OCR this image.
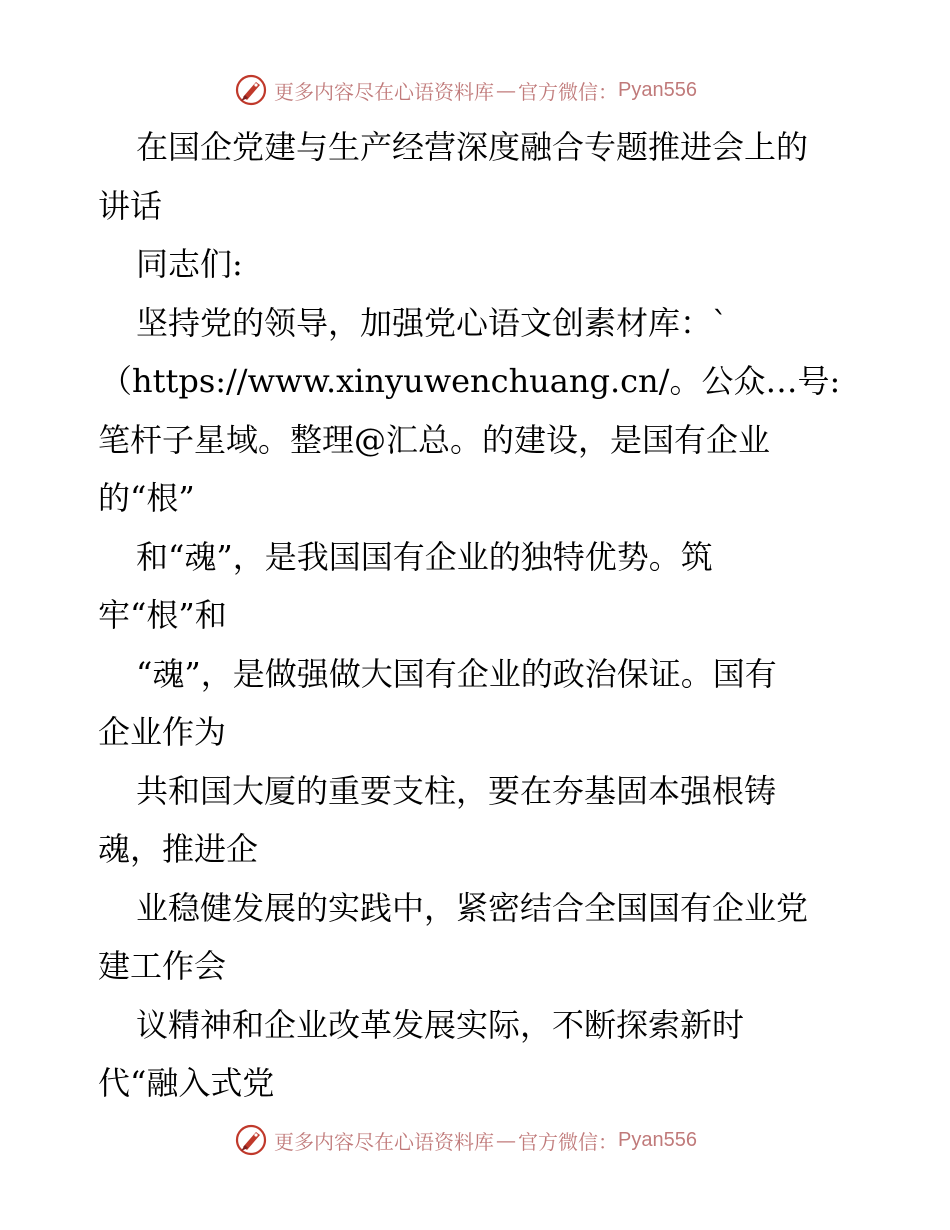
更多内容尽在心语资料库 — 官方微信： Pyan556
在国企党建与生产经营深度融合专题推进会上的
讲话
同志们:
坚持党的领导，加强党心语文创素材库：`
（https://www.xinyuwenchuang.cn/。公众…号:
笔杆子星域。整理@汇总。的建设，是国有企业
的“根”
和“魂”，是我国国有企业的独特优势。筑
牢“根”和
“魂”，是做强做大国有企业的政治保证。国有
企业作为
共和国大厦的重要支柱，要在夯基固本强根铸
魂，推进企
业稳健发展的实践中，紧密结合全国国有企业党
建工作会
议精神和企业改革发展实际，不断探索新时
代“融入式党
更多内容尽在心语资料库 — 官方微信： Pyan556
